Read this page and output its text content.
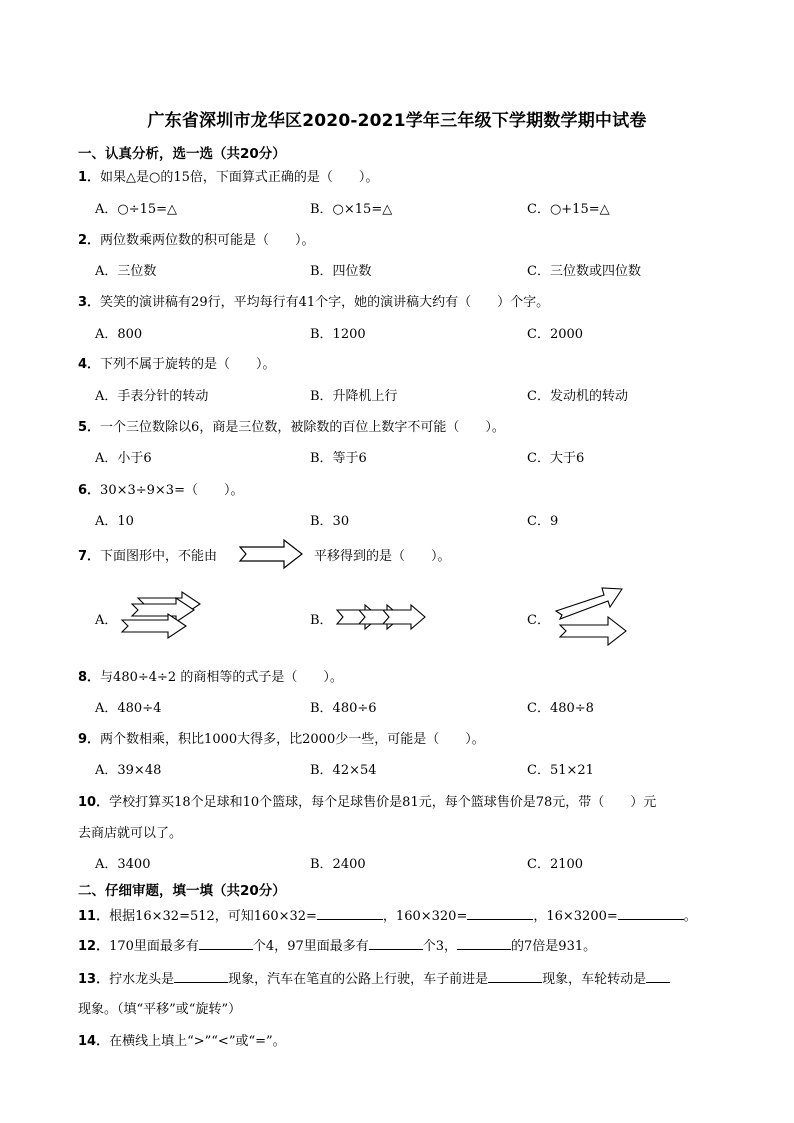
广东省深圳市龙华区2020-2021学年三年级下学期数学期中试卷
一、认真分析，选一选（共20分）
1．如果△是○的15倍，下面算式正确的是（　　）。
A．○÷15=△	B．○×15=△	C．○+15=△
2．两位数乘两位数的积可能是（　　）。
A．三位数	B．四位数	C．三位数或四位数
3．笑笑的演讲稿有29行，平均每行有41个字，她的演讲稿大约有（　　）个字。
A．800	B．1200	C．2000
4．下列不属于旋转的是（　　）。
A．手表分针的转动	B．升降机上行	C．发动机的转动
5．一个三位数除以6，商是三位数，被除数的百位上数字不可能（　　）。
A．小于6	B．等于6	C．大于6
6．30×3÷9×3=（　　）。
A．10	B．30	C．9
7．下面图形中，不能由	平移得到的是（　　）。
A．	B．	C．
8．与480÷4÷2 的商相等的式子是（　　）。
A．480÷4	B．480÷6	C．480÷8
9．两个数相乘，积比1000大得多，比2000少一些，可能是（　　）。
A．39×48	B．42×54	C．51×21
10．学校打算买18个足球和10个篮球，每个足球售价是81元，每个篮球售价是78元，带（　　）元
去商店就可以了。
A．3400	B．2400	C．2100
二、仔细审题，填一填（共20分）
11．根据16×32=512，可知160×32=	，160×320=	，16×3200=	。
12．170里面最多有	个4，97里面最多有	个3，	的7倍是931。
13．拧水龙头是	现象，汽车在笔直的公路上行驶，车子前进是	现象，车轮转动是
现象。（填“平移”或“旋转”）
14．在横线上填上“>”“<”或“=”。
